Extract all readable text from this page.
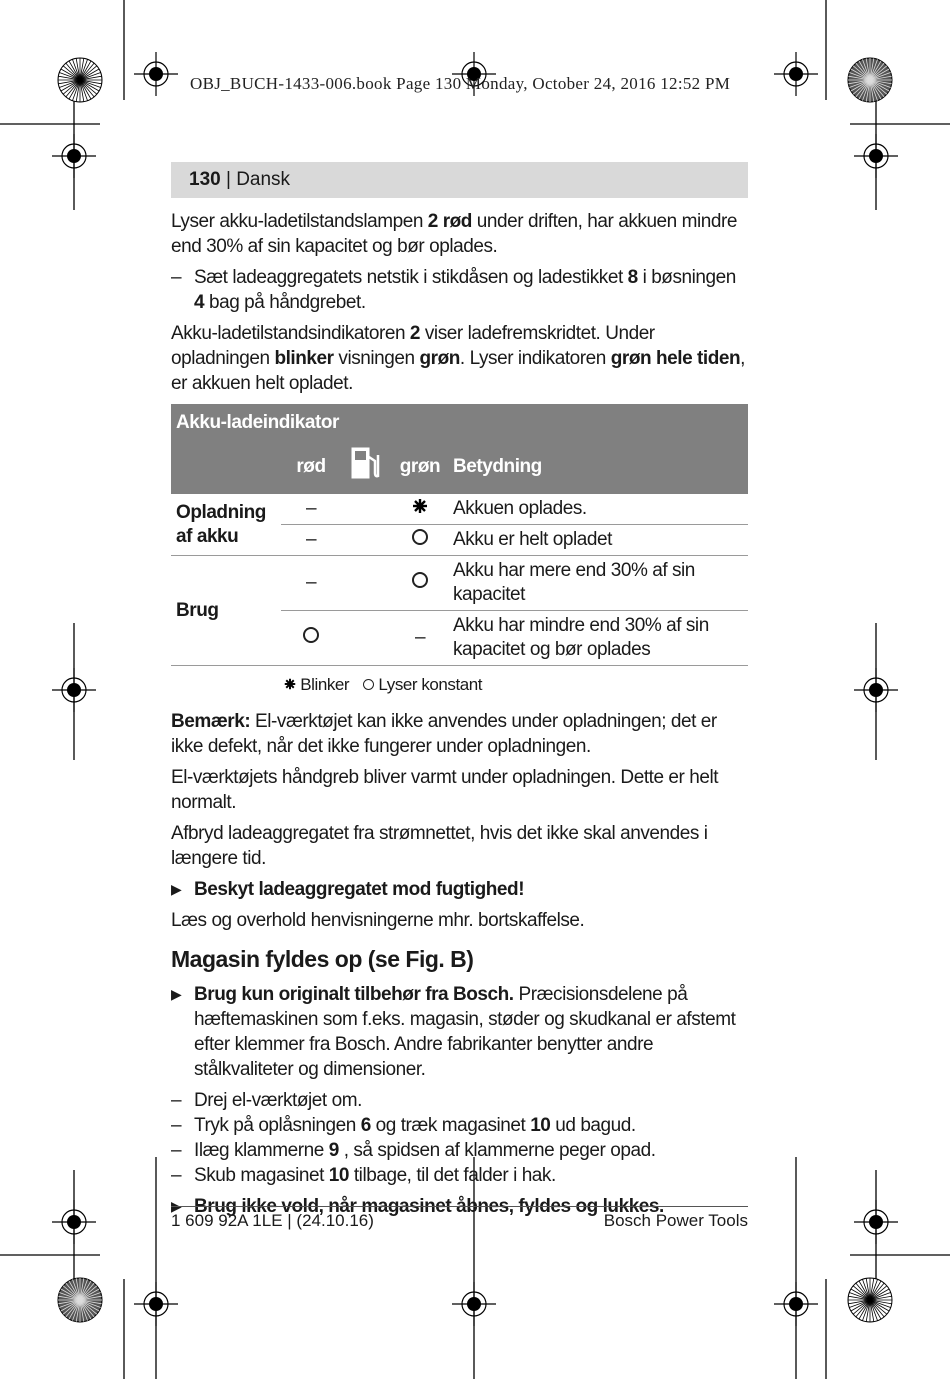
OBJ_BUCH-1433-006.book Page 130 Monday, October 24, 2016 12:52 PM
130 | Dansk

Lyser akku-ladetilstandslampen 2 rød under driften, har akkuen mindre end 30% af sin kapacitet og bør oplades.

– Sæt ladeaggregatets netstik i stikdåsen og ladestikket 8 i bøsningen 4 bag på håndgrebet.

Akku-ladetilstandsindikatoren 2 viser ladefremskridtet. Under opladningen blinker visningen grøn. Lyser indikatoren grøn hele tiden, er akkuen helt opladet.

Akku-ladeindikator				
	rød		grøn	Betydning
Opladning af akku	–			Akkuen oplades.
	–			Akku er helt opladet
Brug	–			Akku har mere end 30% af sin kapacitet
			–	Akku har mindre end 30% af sin kapacitet og bør oplades
Blinker	Lyser konstant

Bemærk: El-værktøjet kan ikke anvendes under opladningen; det er ikke defekt, når det ikke fungerer under opladningen.

El-værktøjets håndgreb bliver varmt under opladningen. Dette er helt normalt.

Afbryd ladeaggregatet fra strømnettet, hvis det ikke skal anvendes i længere tid.

▶ Beskyt ladeaggregatet mod fugtighed!

Læs og overhold henvisningerne mhr. bortskaffelse.

Magasin fyldes op (se Fig. B)
▶ Brug kun originalt tilbehør fra Bosch. Præcisionsdelene på hæftemaskinen som f.eks. magasin, støder og skudkanal er afstemt efter klemmer fra Bosch. Andre fabrikanter benytter andre stålkvaliteter og dimensioner.
– Drej el-værktøjet om.
– Tryk på oplåsningen 6 og træk magasinet 10 ud bagud.
– Ilæg klammerne 9 , så spidsen af klammerne peger opad.
– Skub magasinet 10 tilbage, til det falder i hak.
▶ Brug ikke vold, når magasinet åbnes, fyldes og lukkes.
1 609 92A 1LE | (24.10.16)	Bosch Power Tools
